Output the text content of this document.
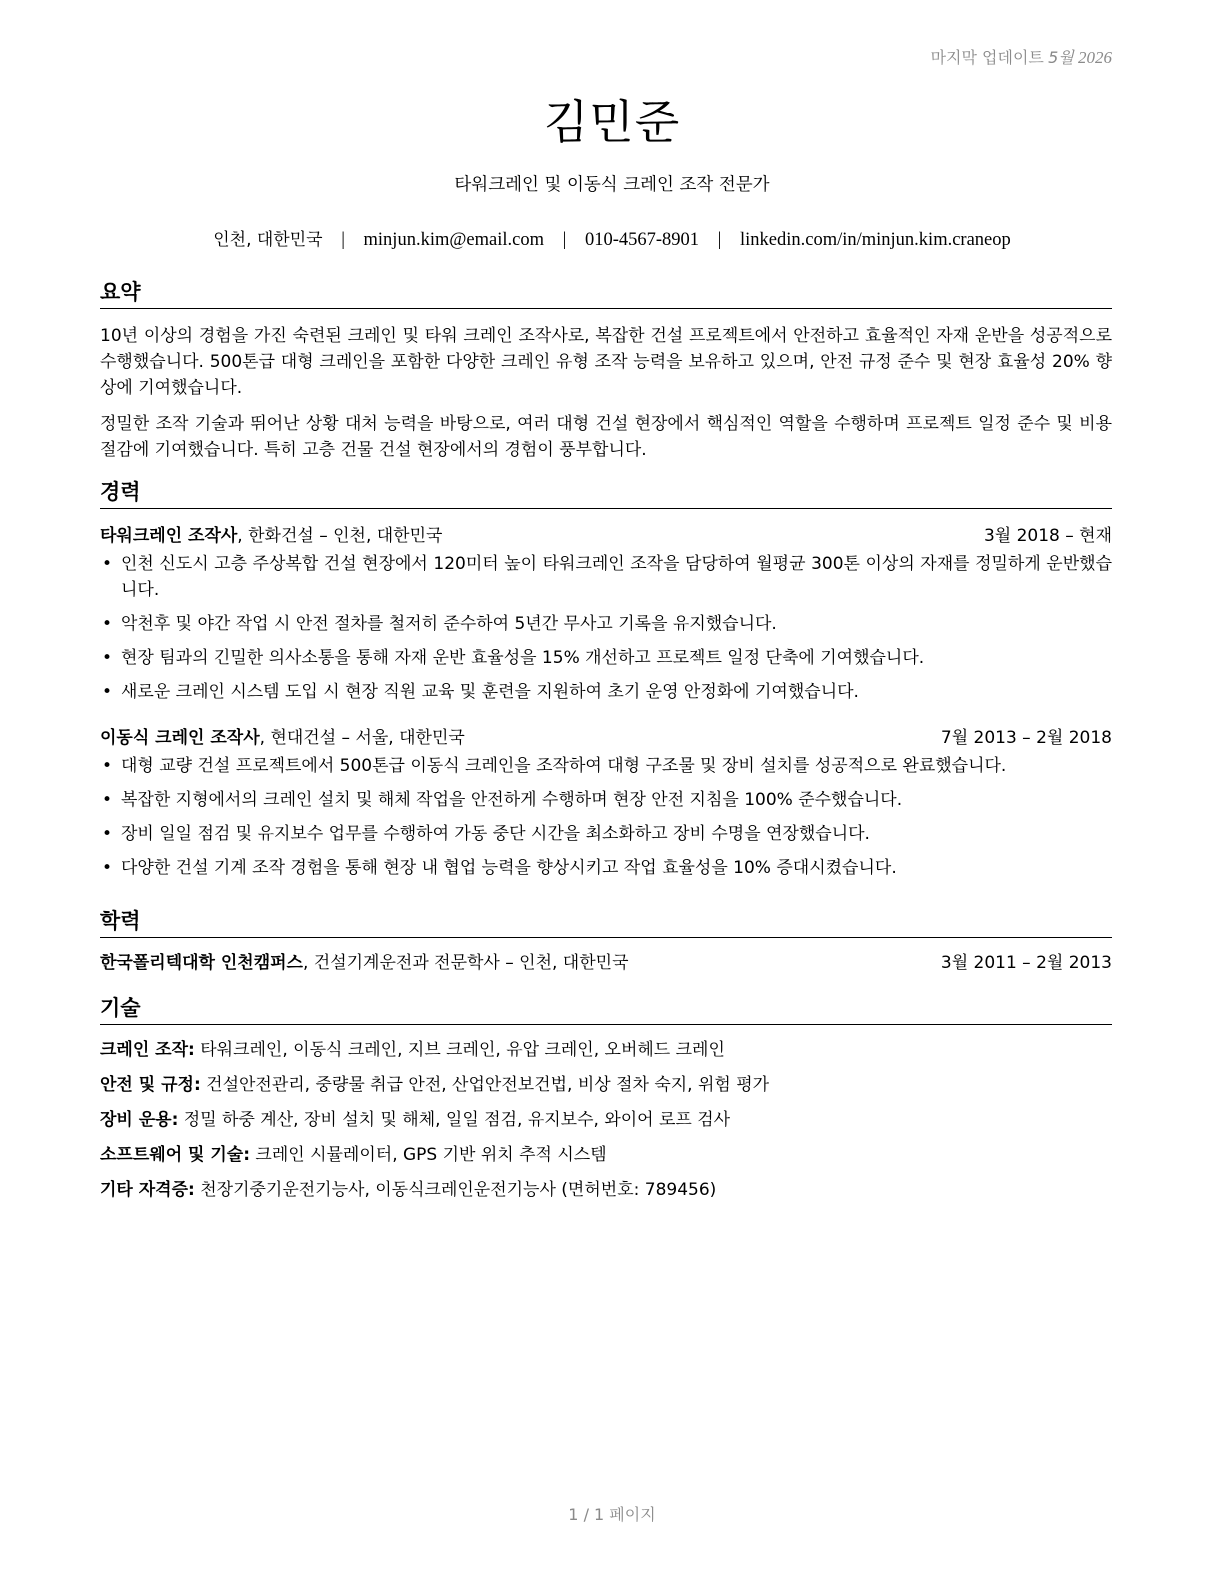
마지막 업데이트 5월 2026
김민준
타워크레인 및 이동식 크레인 조작 전문가
인천, 대한민국 | minjun.kim@email.com | 010-4567-8901 | linkedin.com/in/minjun.kim.craneop
요약

10년 이상의 경험을 가진 숙련된 크레인 및 타워 크레인 조작사로, 복잡한 건설 프로젝트에서 안전하고 효율적인 자재 운반을 성공적으로 수행했습니다. 500톤급 대형 크레인을 포함한 다양한 크레인 유형 조작 능력을 보유하고 있으며, 안전 규정 준수 및 현장 효율성 20% 향상에 기여했습니다.

정밀한 조작 기술과 뛰어난 상황 대처 능력을 바탕으로, 여러 대형 건설 현장에서 핵심적인 역할을 수행하며 프로젝트 일정 준수 및 비용 절감에 기여했습니다. 특히 고층 건물 건설 현장에서의 경험이 풍부합니다.

경력
타워크레인 조작사, 한화건설 – 인천, 대한민국	3월 2018 – 현재
• 인천 신도시 고층 주상복합 건설 현장에서 120미터 높이 타워크레인 조작을 담당하여 월평균 300톤 이상의 자재를 정밀하게 운반했습니다.
• 악천후 및 야간 작업 시 안전 절차를 철저히 준수하여 5년간 무사고 기록을 유지했습니다.
• 현장 팀과의 긴밀한 의사소통을 통해 자재 운반 효율성을 15% 개선하고 프로젝트 일정 단축에 기여했습니다.
• 새로운 크레인 시스템 도입 시 현장 직원 교육 및 훈련을 지원하여 초기 운영 안정화에 기여했습니다.
이동식 크레인 조작사, 현대건설 – 서울, 대한민국	7월 2013 – 2월 2018
• 대형 교량 건설 프로젝트에서 500톤급 이동식 크레인을 조작하여 대형 구조물 및 장비 설치를 성공적으로 완료했습니다.
• 복잡한 지형에서의 크레인 설치 및 해체 작업을 안전하게 수행하며 현장 안전 지침을 100% 준수했습니다.
• 장비 일일 점검 및 유지보수 업무를 수행하여 가동 중단 시간을 최소화하고 장비 수명을 연장했습니다.
• 다양한 건설 기계 조작 경험을 통해 현장 내 협업 능력을 향상시키고 작업 효율성을 10% 증대시켰습니다.
학력
한국폴리텍대학 인천캠퍼스, 건설기계운전과 전문학사 – 인천, 대한민국	3월 2011 – 2월 2013
기술
크레인 조작: 타워크레인, 이동식 크레인, 지브 크레인, 유압 크레인, 오버헤드 크레인
안전 및 규정: 건설안전관리, 중량물 취급 안전, 산업안전보건법, 비상 절차 숙지, 위험 평가
장비 운용: 정밀 하중 계산, 장비 설치 및 해체, 일일 점검, 유지보수, 와이어 로프 검사
소프트웨어 및 기술: 크레인 시뮬레이터, GPS 기반 위치 추적 시스템
기타 자격증: 천장기중기운전기능사, 이동식크레인운전기능사 (면허번호: 789456)
1 / 1 페이지
